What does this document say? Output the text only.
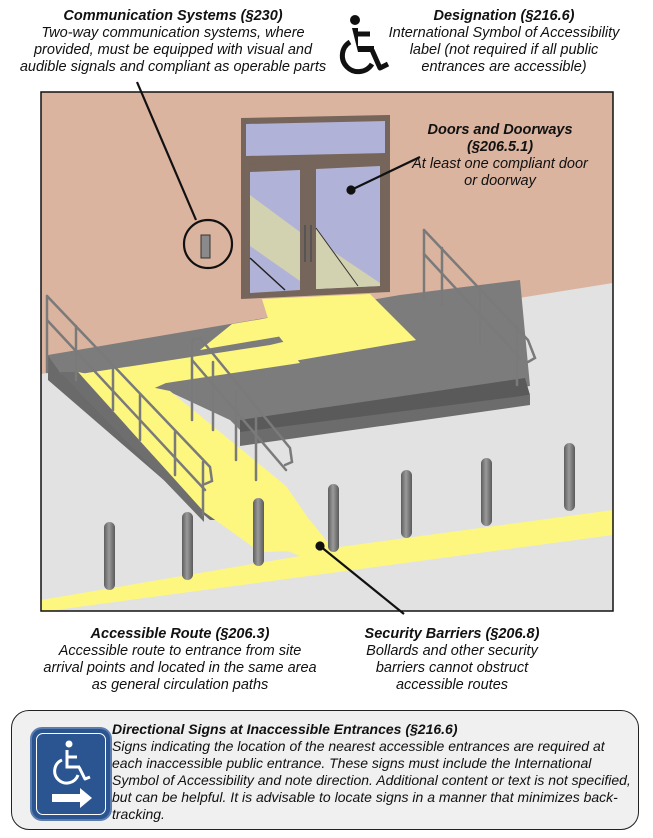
Communication Systems (§230)
Two-way communication systems, where provided, must be equipped with visual and audible signals and compliant as operable parts
Designation (§216.6)
International Symbol of Accessibility label (not required if all public entrances are accessible)
Doors and Doorways (§206.5.1)
At least one compliant door or doorway
Accessible Route (§206.3)
Accessible route to entrance from site arrival points and located in the same area as general circulation paths
Security Barriers (§206.8)
Bollards and other security barriers cannot obstruct accessible routes
Directional Signs at Inaccessible Entrances (§216.6)
Signs indicating the location of the nearest accessible entrances are required at each inaccessible public entrance. These signs must include the International Symbol of Accessibility and note direction. Additional content or text is not specified, but can be helpful. It is advisable to locate signs in a manner that minimizes back-tracking.
